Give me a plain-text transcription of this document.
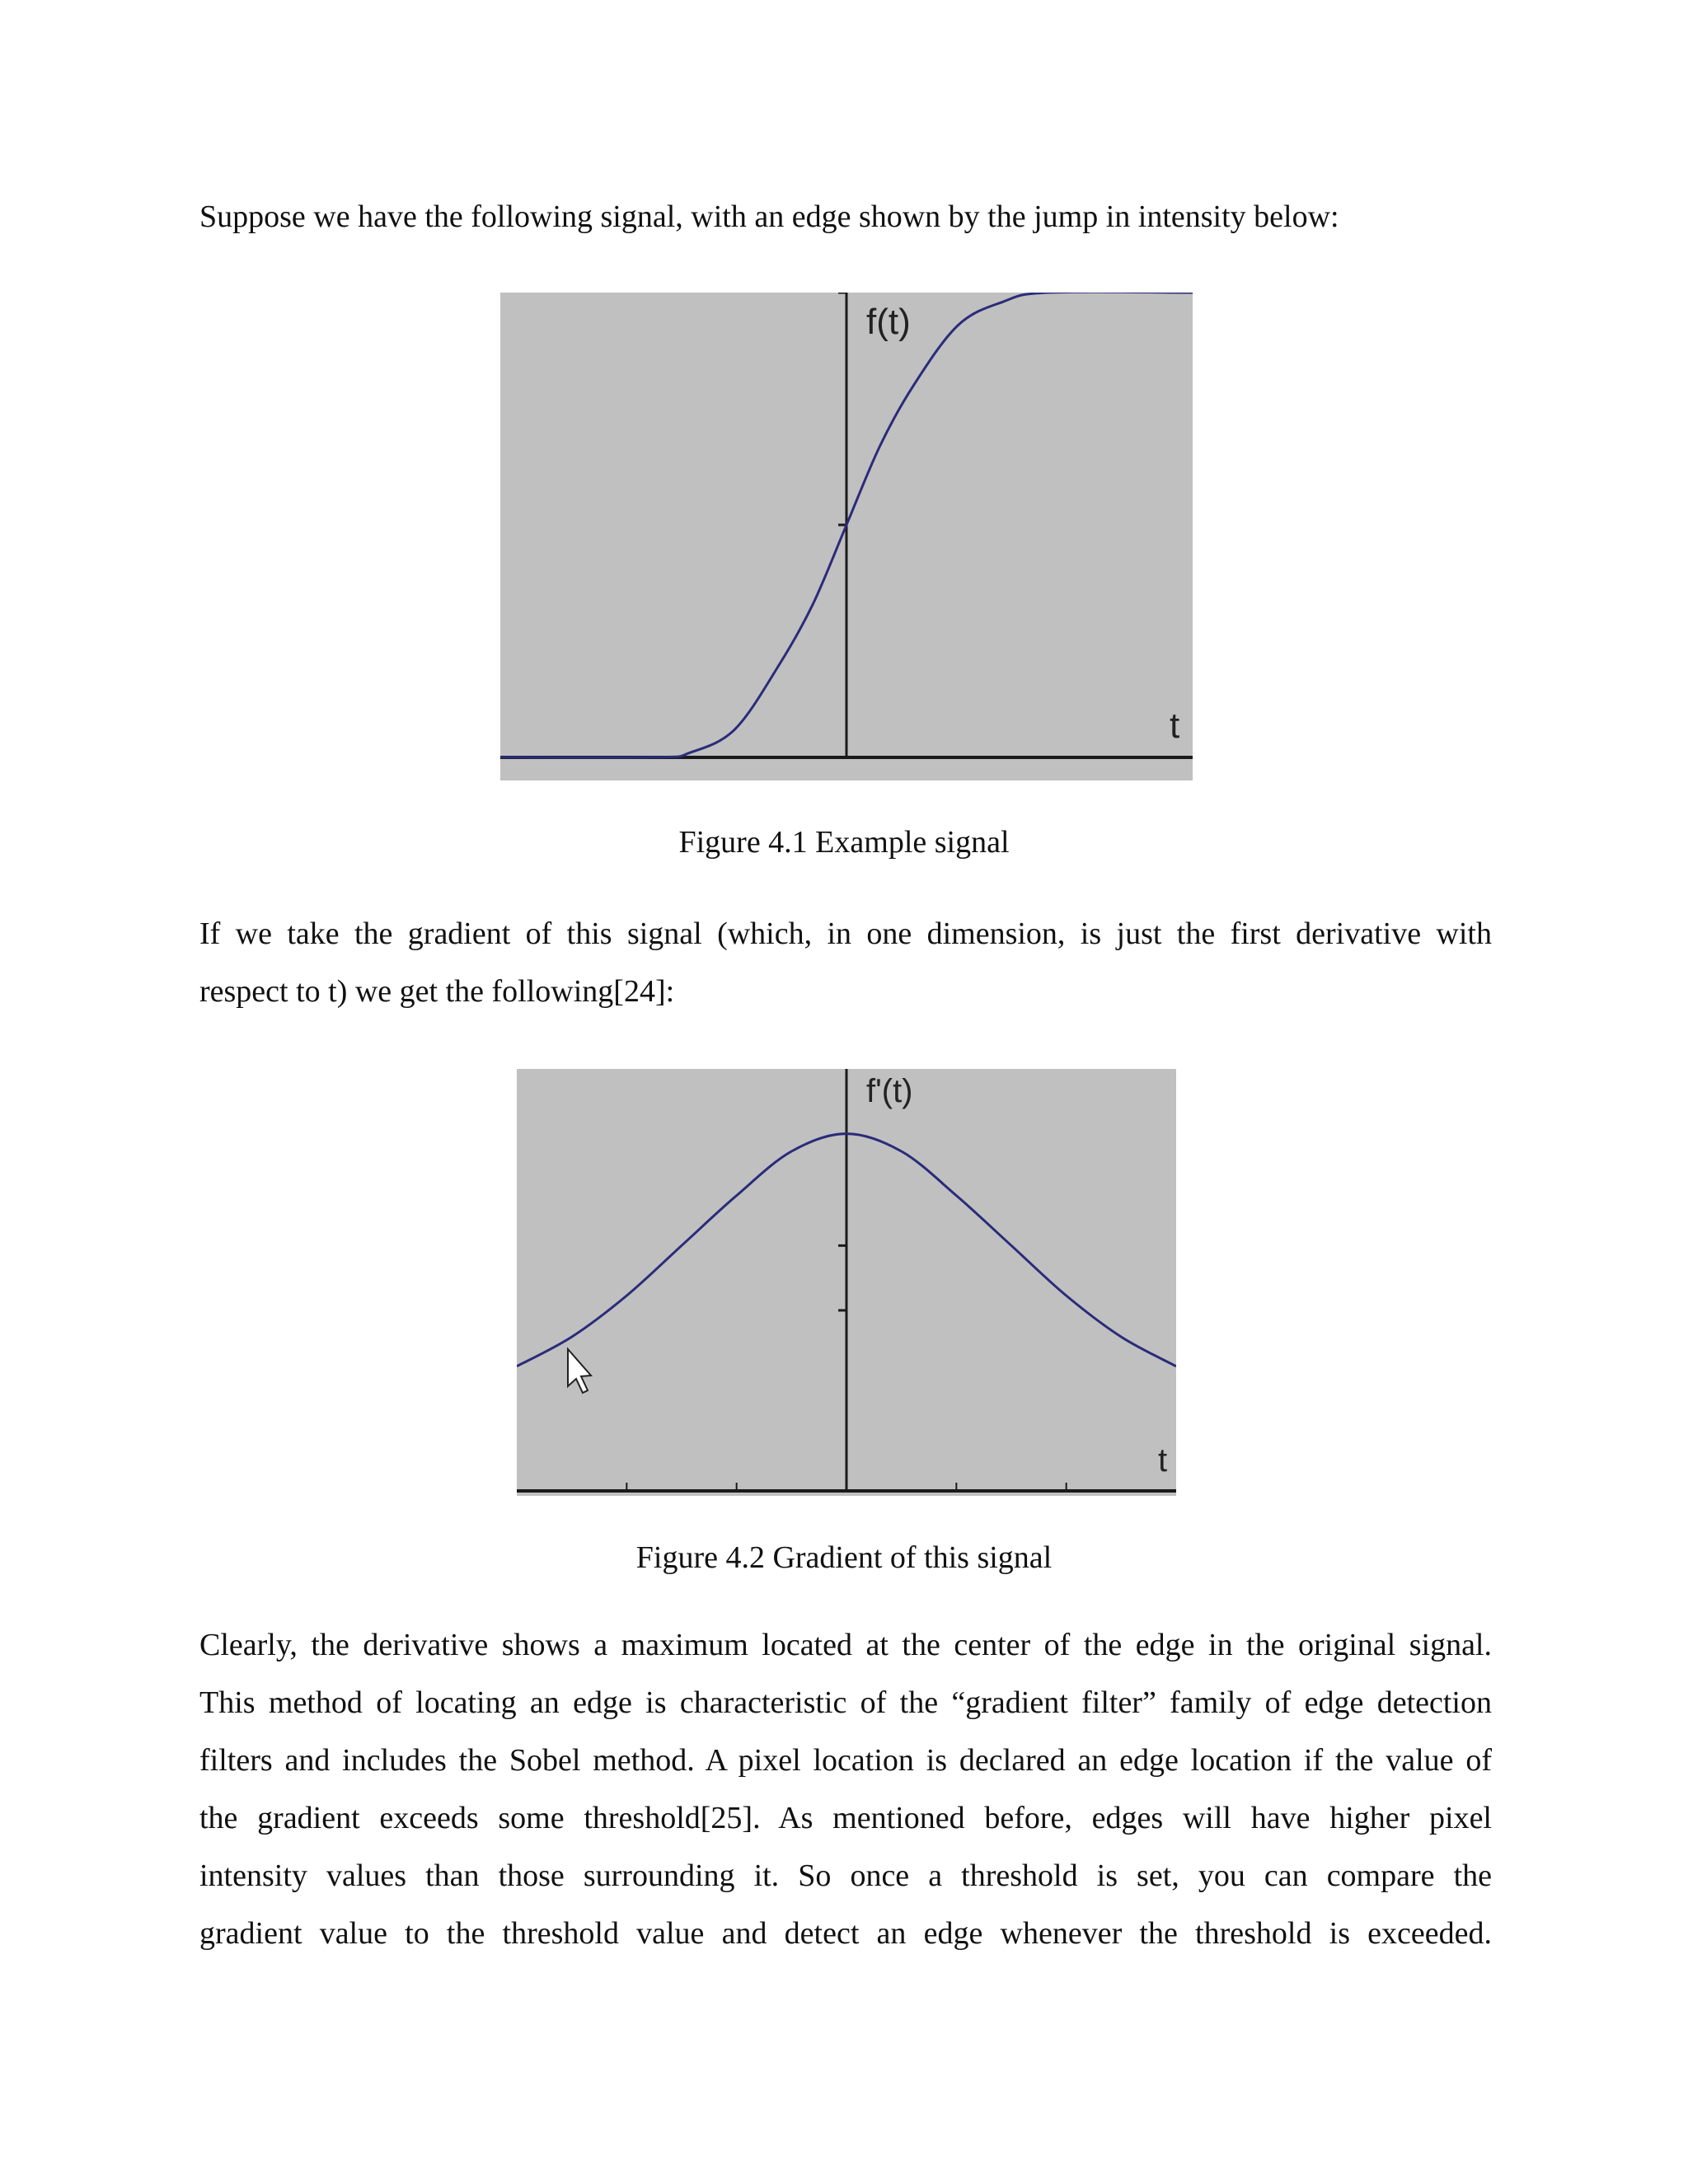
Suppose we have the following signal, with an edge shown by the jump in intensity below:

f(t)
t

Figure 4.1 Example signal

If we take the gradient of this signal (which, in one dimension, is just the first derivative with
respect to t) we get the following[24]:

f'(t)
t

Figure 4.2 Gradient of this signal

Clearly, the derivative shows a maximum located at the center of the edge in the original signal.
This method of locating an edge is characteristic of the “gradient filter” family of edge detection
filters and includes the Sobel method. A pixel location is declared an edge location if the value of
the gradient exceeds some threshold[25]. As mentioned before, edges will have higher pixel
intensity values than those surrounding it. So once a threshold is set, you can compare the
gradient value to the threshold value and detect an edge whenever the threshold is exceeded.
